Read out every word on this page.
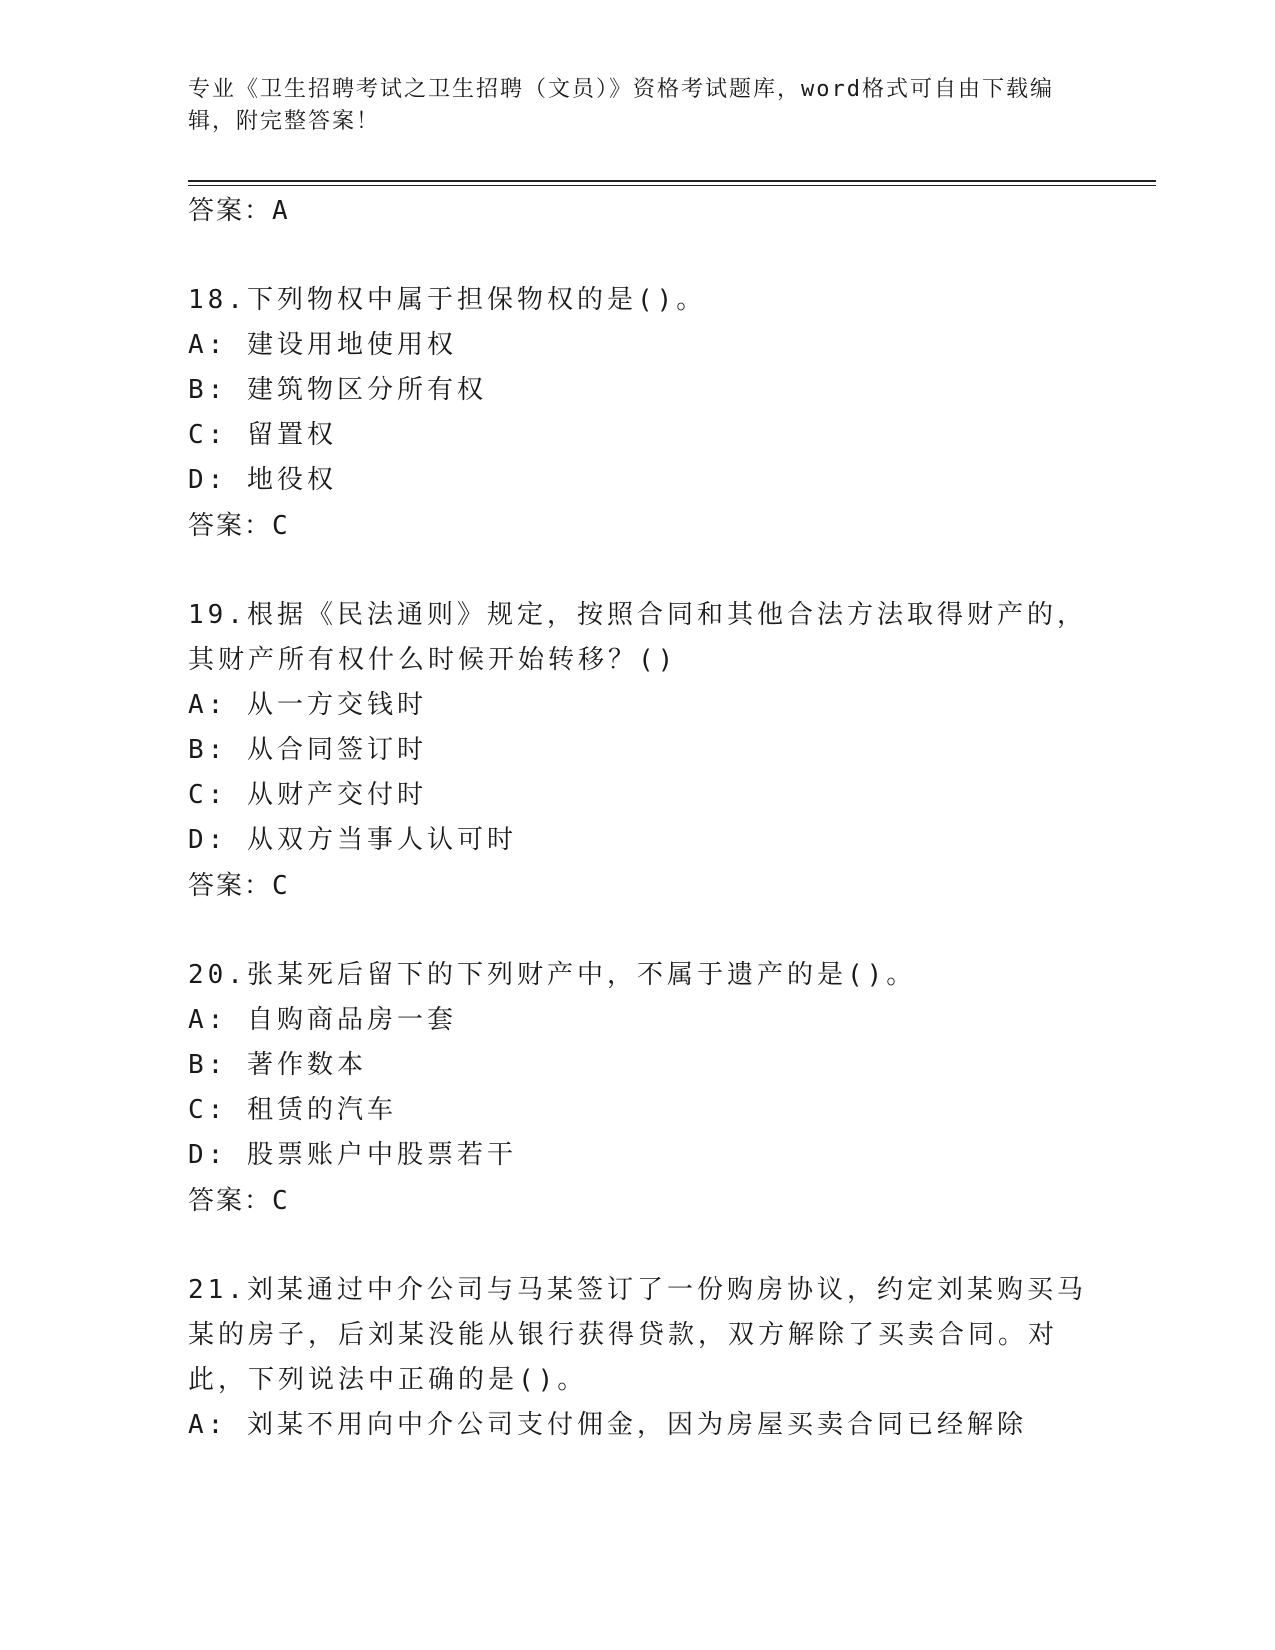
专业《卫生招聘考试之卫生招聘（文员）》资格考试题库，word格式可自由下载编辑，附完整答案！

答案：A

18.下列物权中属于担保物权的是()。

A: 建设用地使用权

B: 建筑物区分所有权

C: 留置权

D: 地役权

答案：C

19.根据《民法通则》规定，按照合同和其他合法方法取得财产的，其财产所有权什么时候开始转移？()

A: 从一方交钱时

B: 从合同签订时

C: 从财产交付时

D: 从双方当事人认可时

答案：C

20.张某死后留下的下列财产中，不属于遗产的是()。

A: 自购商品房一套

B: 著作数本

C: 租赁的汽车

D: 股票账户中股票若干

答案：C

21.刘某通过中介公司与马某签订了一份购房协议，约定刘某购买马某的房子，后刘某没能从银行获得贷款，双方解除了买卖合同。对此，下列说法中正确的是()。

A: 刘某不用向中介公司支付佣金，因为房屋买卖合同已经解除
